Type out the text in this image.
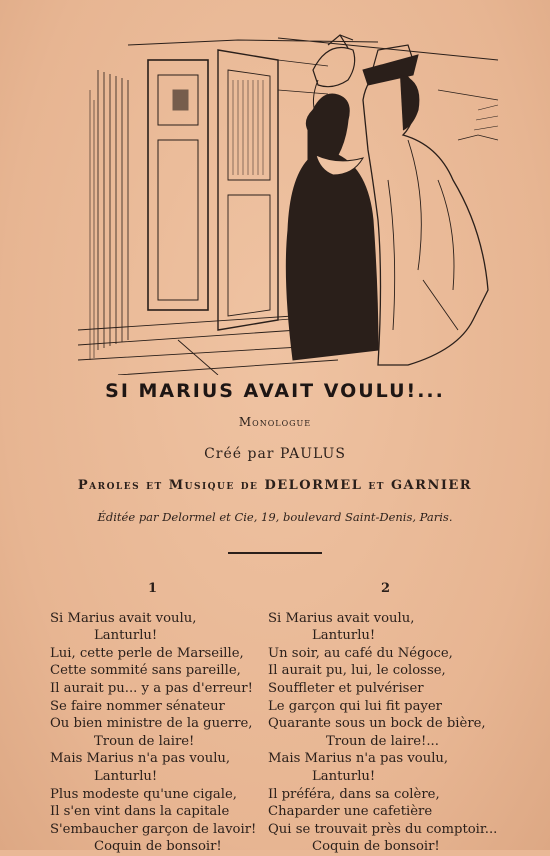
SI MARIUS AVAIT VOULU!...
Monologue
Créé par PAULUS
Paroles et Musique de DELORMEL et GARNIER
Éditée par Delormel et Cie, 19, boulevard Saint-Denis, Paris.
1
Si Marius avait voulu,
Lanturlu!
Lui, cette perle de Marseille,
Cette sommité sans pareille,
Il aurait pu... y a pas d'erreur!
Se faire nommer sénateur
Ou bien ministre de la guerre,
Troun de laire!
Mais Marius n'a pas voulu,
Lanturlu!
Plus modeste qu'une cigale,
Il s'en vint dans la capitale
S'embaucher garçon de lavoir!
Coquin de bonsoir!
2
Si Marius avait voulu,
Lanturlu!
Un soir, au café du Négoce,
Il aurait pu, lui, le colosse,
Souffleter et pulvériser
Le garçon qui lui fit payer
Quarante sous un bock de bière,
Troun de laire!...
Mais Marius n'a pas voulu,
Lanturlu!
Il préféra, dans sa colère,
Chaparder une cafetière
Qui se trouvait près du comptoir...
Coquin de bonsoir!
